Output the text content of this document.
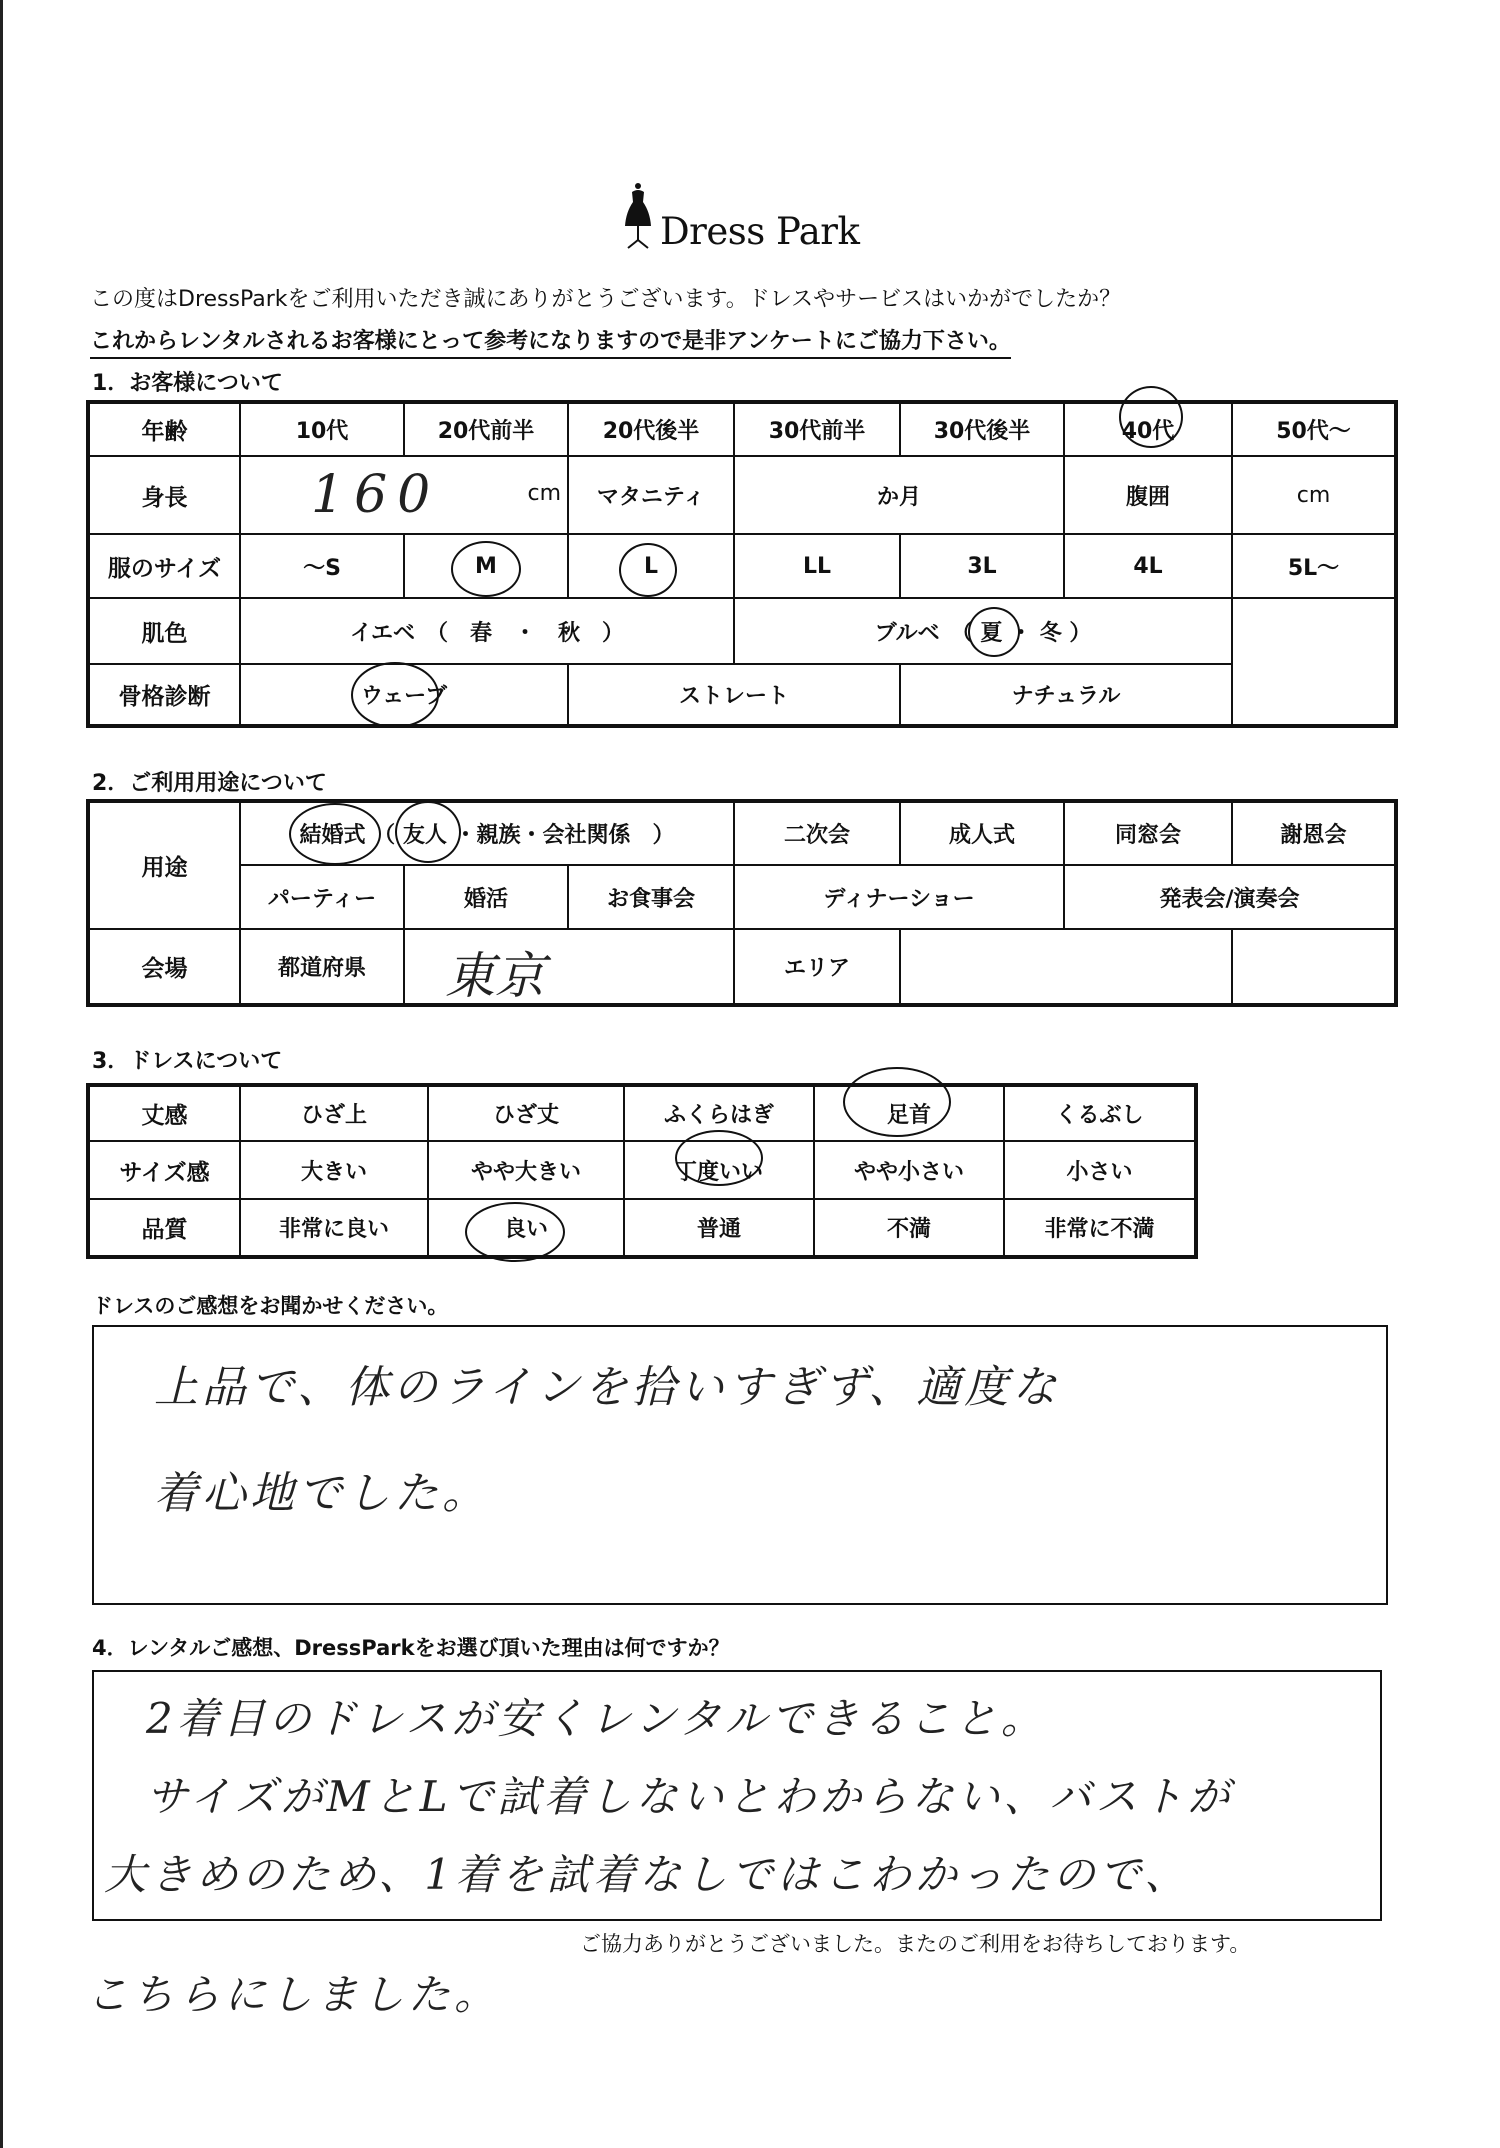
Dress Park
この度はDressParkをご利用いただき誠にありがとうございます。ドレスやサービスはいかがでしたか？
これからレンタルされるお客様にとって参考になりますので是非アンケートにご協力下さい。
1．お客様について
年齢	10代	20代前半	20代後半	30代前半	30代後半	40代	50代～
身長	160 cm		マタニティ	か月		腹囲	cm
服のサイズ	～S	M	L	LL	3L	4L	5L～
肌色	イエベ　（　春　・　秋　）			ブルベ　（ 夏 ・ 冬 ）			
骨格診断	ウェーブ		ストレート		ナチュラル		
2．ご利用用途について
用途	結婚式 （ 友人 ・親族・会社関係　）			二次会	成人式	同窓会	謝恩会
	パーティー	婚活	お食事会	ディナーショー		発表会/演奏会	
会場	都道府県	東京		エリア			
3．ドレスについて
丈感	ひざ上	ひざ丈	ふくらはぎ	足首	くるぶし
サイズ感	大きい	やや大きい	丁度いい	やや小さい	小さい
品質	非常に良い	良い	普通	不満	非常に不満
ドレスのご感想をお聞かせください。
上品で、体のラインを拾いすぎず、適度な
着心地でした。
4．レンタルご感想、DressParkをお選び頂いた理由は何ですか？
2着目のドレスが安くレンタルできること。
サイズがMとLで試着しないとわからない、バストが
大きめのため、1着を試着なしではこわかったので、
ご協力ありがとうございました。またのご利用をお待ちしております。
こちらにしました。
